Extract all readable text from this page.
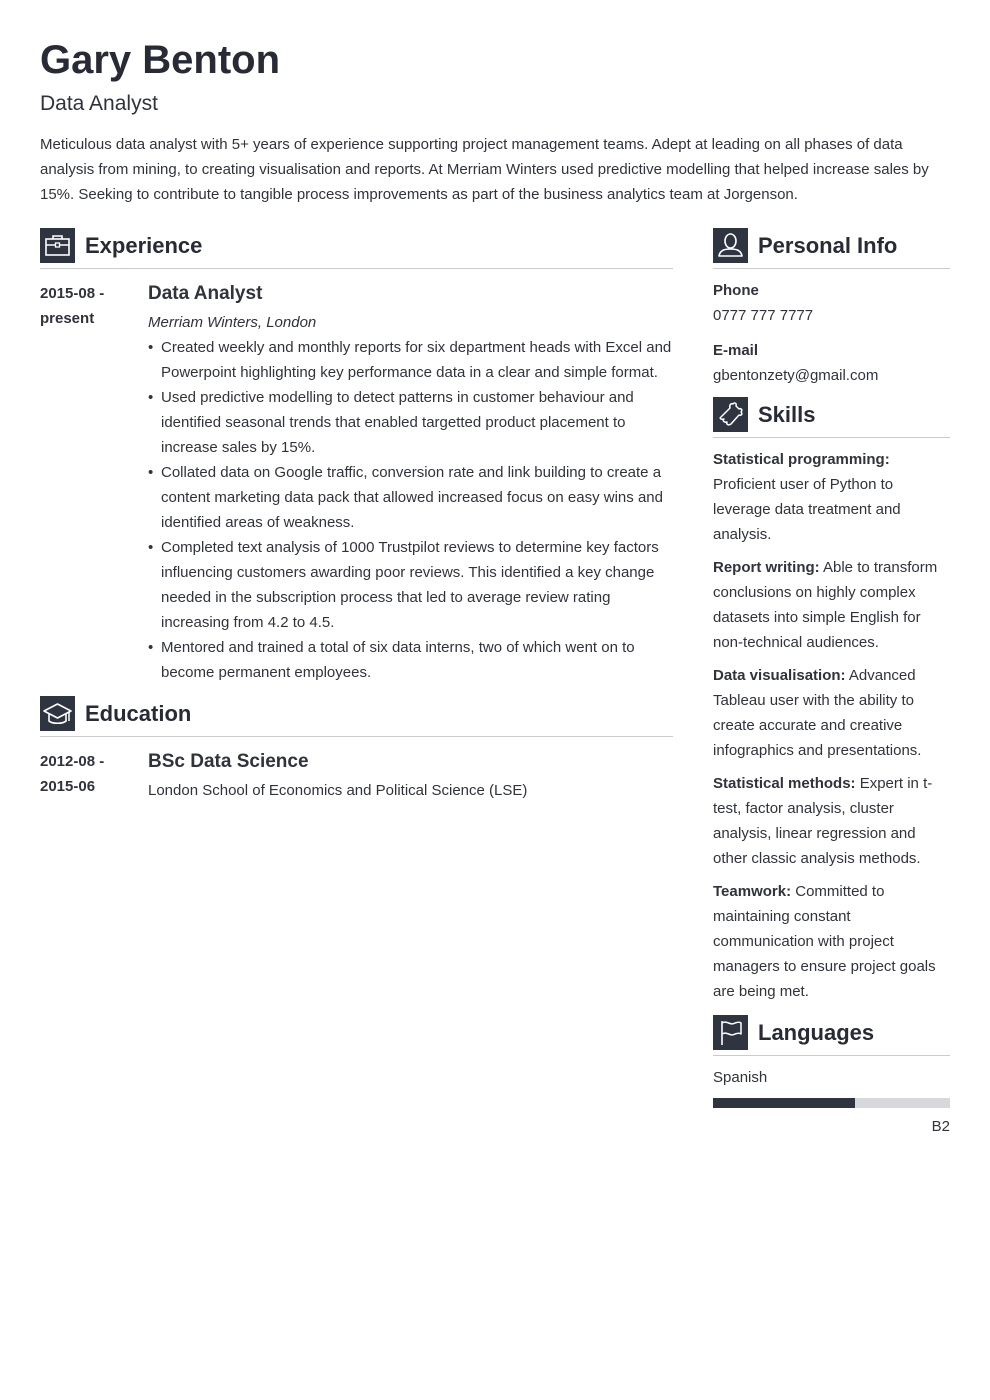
Gary Benton
Data Analyst
Meticulous data analyst with 5+ years of experience supporting project management teams. Adept at leading on all phases of data analysis from mining, to creating visualisation and reports. At Merriam Winters used predictive modelling that helped increase sales by 15%. Seeking to contribute to tangible process improvements as part of the business analytics team at Jorgenson.
Experience
2015-08 -
present
Data Analyst
Merriam Winters, London
• Created weekly and monthly reports for six department heads with Excel and Powerpoint highlighting key performance data in a clear and simple format.
• Used predictive modelling to detect patterns in customer behaviour and identified seasonal trends that enabled targetted product placement to increase sales by 15%.
• Collated data on Google traffic, conversion rate and link building to create a content marketing data pack that allowed increased focus on easy wins and identified areas of weakness.
• Completed text analysis of 1000 Trustpilot reviews to determine key factors influencing customers awarding poor reviews. This identified a key change needed in the subscription process that led to average review rating increasing from 4.2 to 4.5.
• Mentored and trained a total of six data interns, two of which went on to become permanent employees.
Education
2012-08 -
2015-06
BSc Data Science
London School of Economics and Political Science (LSE)
Personal Info
Phone
0777 777 7777
E-mail
gbentonzety@gmail.com
Skills
Statistical programming: Proficient user of Python to leverage data treatment and analysis.
Report writing: Able to transform conclusions on highly complex datasets into simple English for non-technical audiences.
Data visualisation: Advanced Tableau user with the ability to create accurate and creative infographics and presentations.
Statistical methods: Expert in t-test, factor analysis, cluster analysis, linear regression and other classic analysis methods.
Teamwork: Committed to maintaining constant communication with project managers to ensure project goals are being met.
Languages
Spanish
B2
